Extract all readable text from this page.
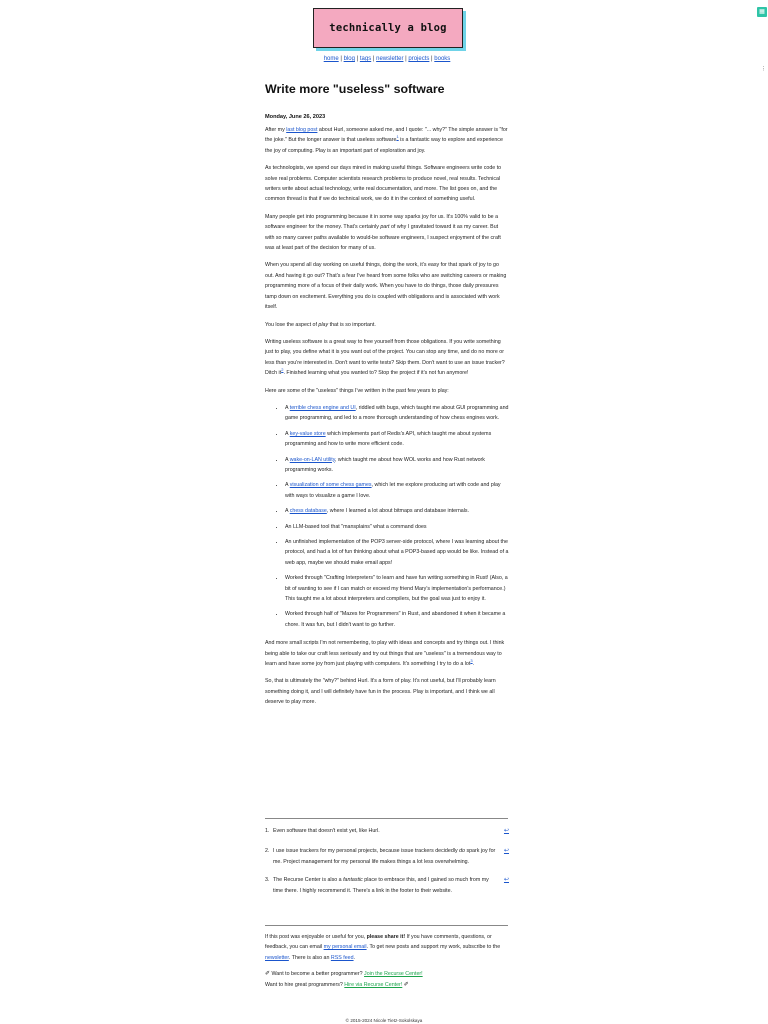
▦
⁝
technically a blog
home | blog | tags | newsletter | projects | books
Write more "useless" software

Monday, June 26, 2023

After my last blog post about Hurl, someone asked me, and I quote: "... why?" The simple answer is "for the joke." But the longer answer is that useless software$^1$ is a fantastic way to explore and experience the joy of computing. Play is an important part of exploration and joy.

As technologists, we spend our days mired in making useful things. Software engineers write code to solve real problems. Computer scientists research problems to produce novel, real results. Technical writers write about actual technology, write real documentation, and more. The list goes on, and the common thread is that if we do technical work, we do it in the context of something useful.

Many people get into programming because it in some way sparks joy for us. It's 100% valid to be a software engineer for the money. That's certainly part of why I gravitated toward it as my career. But with so many career paths available to would-be software engineers, I suspect enjoyment of the craft was at least part of the decision for many of us.

When you spend all day working on useful things, doing the work, it's easy for that spark of joy to go out. And having it go out? That's a fear I've heard from some folks who are switching careers or making programming more of a focus of their daily work. When you have to do things, those daily pressures tamp down on excitement. Everything you do is coupled with obligations and is associated with work itself.

You lose the aspect of play that is so important.

Writing useless software is a great way to free yourself from those obligations. If you write something just to play, you define what it is you want out of the project. You can stop any time, and do no more or less than you're interested in. Don't want to write tests? Skip them. Don't want to use an issue tracker? Ditch it$^2$. Finished learning what you wanted to? Stop the project if it's not fun anymore!

Here are some of the "useless" things I've written in the past few years to play:

• A terrible chess engine and UI, riddled with bugs, which taught me about GUI programming and game programming, and led to a more thorough understanding of how chess engines work.
• A key-value store which implements part of Redis's API, which taught me about systems programming and how to write more efficient code.
• A wake-on-LAN utility, which taught me about how WOL works and how Rust network programming works.
• A visualization of some chess games, which let me explore producing art with code and play with ways to visualize a game I love.
• A chess database, where I learned a lot about bitmaps and database internals.
• An LLM-based tool that "mansplains" what a command does
• An unfinished implementation of the POP3 server-side protocol, where I was learning about the protocol, and had a lot of fun thinking about what a POP3-based app would be like. Instead of a web app, maybe we should make email apps!
• Worked through "Crafting Interpreters" to learn and have fun writing something in Rust! (Also, a bit of wanting to see if I can match or exceed my friend Mary's implementation's performance.) This taught me a lot about interpreters and compilers, but the goal was just to enjoy it.
• Worked through half of "Mazes for Programmers" in Rust, and abandoned it when it became a chore. It was fun, but I didn't want to go further.

And more small scripts I'm not remembering, to play with ideas and concepts and try things out. I think being able to take our craft less seriously and try out things that are "useless" is a tremendous way to learn and have some joy from just playing with computers. It's something I try to do a lot$^3$.

So, that is ultimately the "why?" behind Hurl. It's a form of play. It's not useful, but I'll probably learn something doing it, and I will definitely have fun in the process. Play is important, and I think we all deserve to play more.

1. Even software that doesn't exist yet, like Hurl.	↩
2. I use issue trackers for my personal projects, because issue trackers decidedly do spark joy for me. Project management for my personal life makes things a lot less overwhelming.
↩
3. The Recurse Center is also a fantastic place to embrace this, and I gained so much from my time there. I highly recommend it. There's a link in the footer to their website.
↩

If this post was enjoyable or useful for you, please share it! If you have comments, questions, or feedback, you can email my personal email. To get new posts and support my work, subscribe to the newsletter. There is also an RSS feed.

✐ Want to become a better programmer? Join the Recurse Center!
Want to hire great programmers? Hire via Recurse Center! ✐
© 2015-2024 Nicole Tietz-Sokolskaya
